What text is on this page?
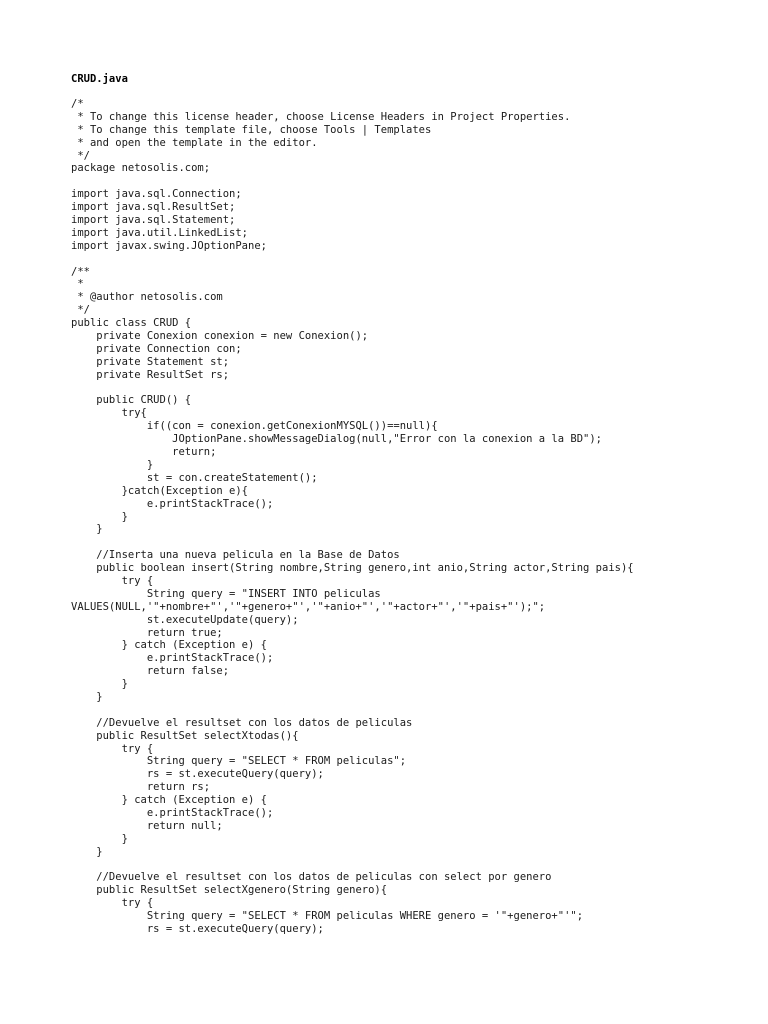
CRUD.java
/*
* To change this license header, choose License Headers in Project Properties.
* To change this template file, choose Tools | Templates
* and open the template in the editor.
*/
package netosolis.com;
import java.sql.Connection;
import java.sql.ResultSet;
import java.sql.Statement;
import java.util.LinkedList;
import javax.swing.JOptionPane;
/**
*
* @author netosolis.com
*/
public class CRUD {
private Conexion conexion = new Conexion();
private Connection con;
private Statement st;
private ResultSet rs;
public CRUD() {
try{
if((con = conexion.getConexionMYSQL())==null){
JOptionPane.showMessageDialog(null,"Error con la conexion a la BD");
return;
}
st = con.createStatement();
}catch(Exception e){
e.printStackTrace();
}
}
//Inserta una nueva pelicula en la Base de Datos
public boolean insert(String nombre,String genero,int anio,String actor,String pais){
try {
String query = "INSERT INTO peliculas
VALUES(NULL,'"+nombre+"','"+genero+"','"+anio+"','"+actor+"','"+pais+"');";
st.executeUpdate(query);
return true;
} catch (Exception e) {
e.printStackTrace();
return false;
}
}
//Devuelve el resultset con los datos de peliculas
public ResultSet selectXtodas(){
try {
String query = "SELECT * FROM peliculas";
rs = st.executeQuery(query);
return rs;
} catch (Exception e) {
e.printStackTrace();
return null;
}
}
//Devuelve el resultset con los datos de peliculas con select por genero
public ResultSet selectXgenero(String genero){
try {
String query = "SELECT * FROM peliculas WHERE genero = '"+genero+"'";
rs = st.executeQuery(query);
